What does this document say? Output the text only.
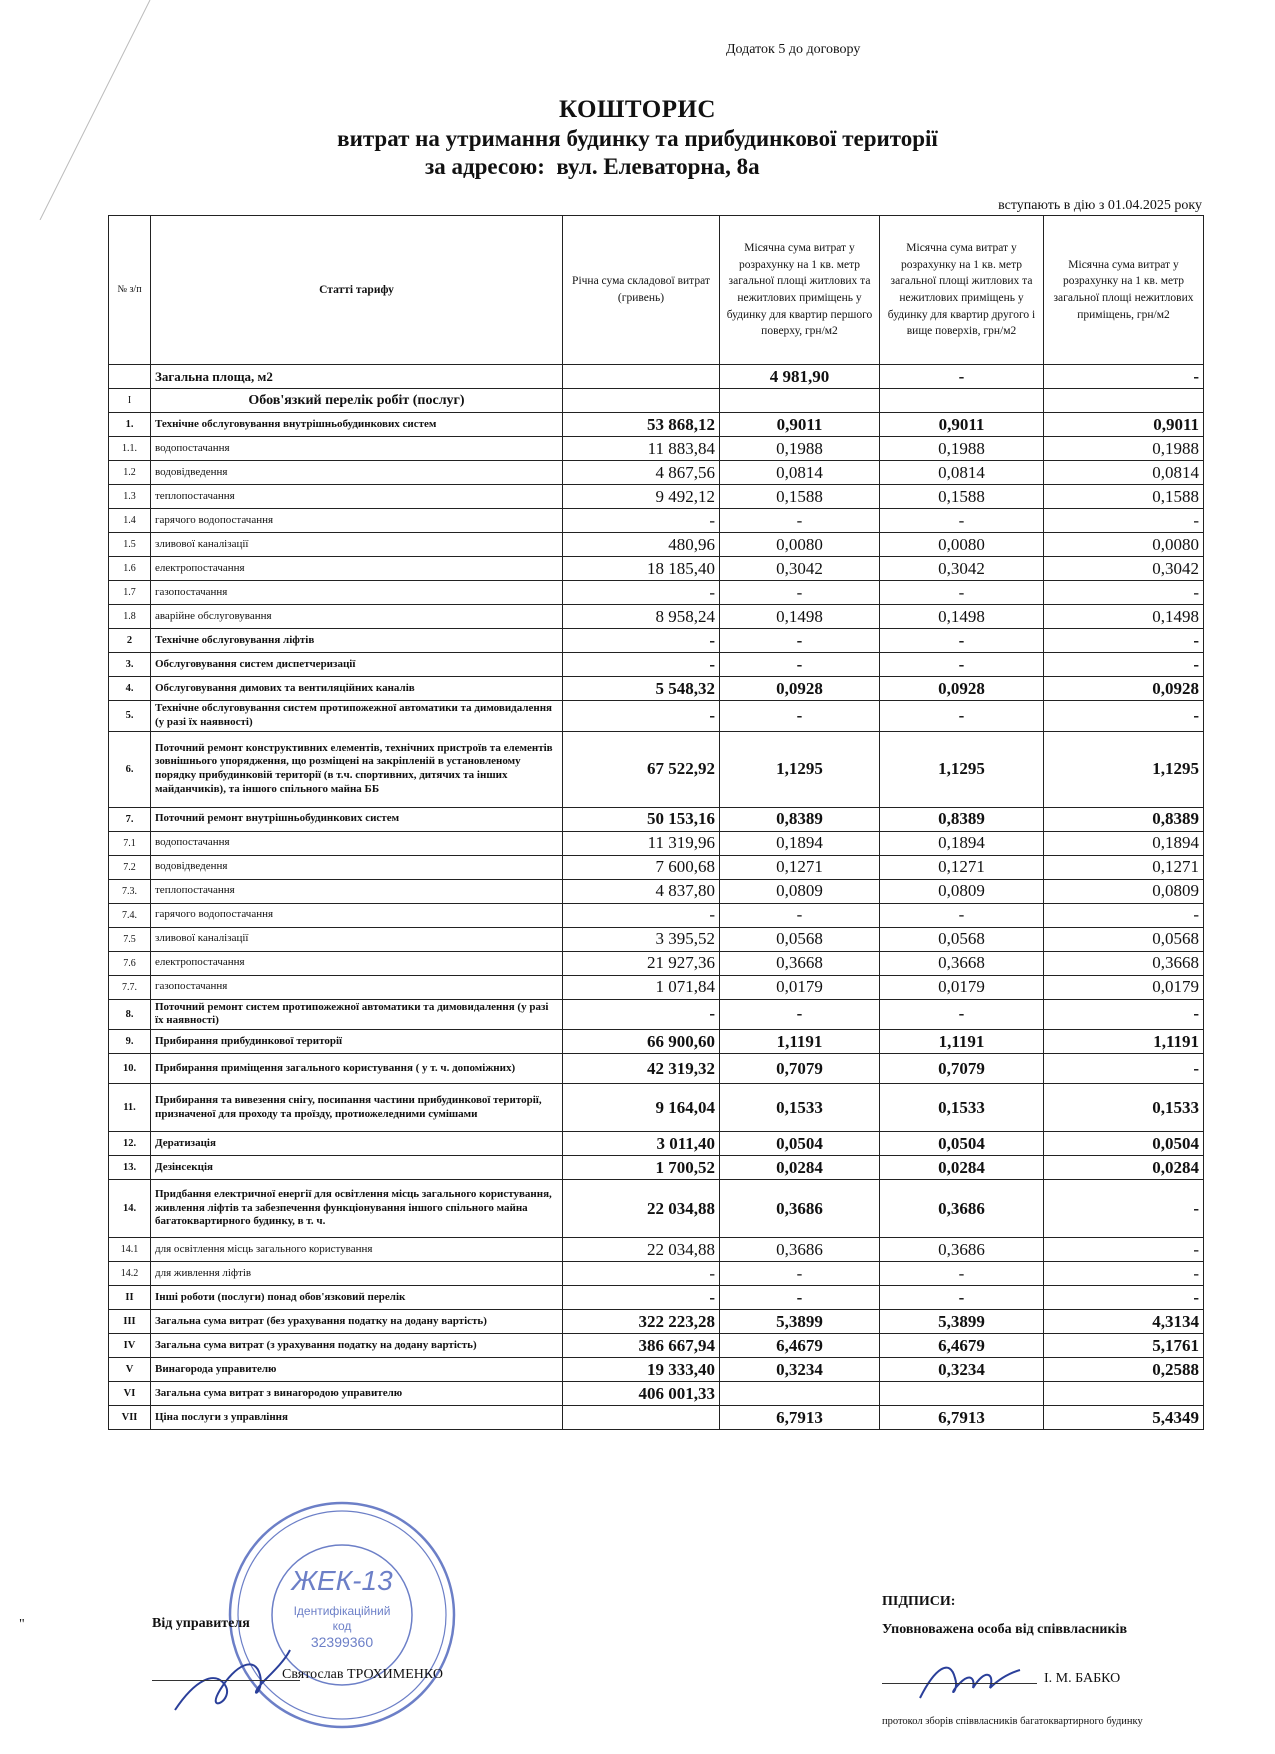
Додаток 5 до договору
КОШТОРИС
витрат на утримання будинку та прибудинкової території
за адресою:  вул. Елеваторна, 8а
вступають в дію з 01.04.2025 року
№ з/п	Статті тарифу	Річна сума складової витрат (гривень)	Місячна сума витрат у розрахунку на 1 кв. метр загальної площі житлових та нежитлових приміщень у будинку для квартир першого поверху, грн/м2	Місячна сума витрат у розрахунку на 1 кв. метр загальної площі житлових та нежитлових приміщень у будинку для квартир другого і вище поверхів, грн/м2	Місячна сума витрат у розрахунку на 1 кв. метр загальної площі нежитлових приміщень, грн/м2
	Загальна площа, м2		4 981,90	-	-
I	Обов'язкий перелік робіт (послуг)				
1.	Технічне обслуговування внутрішньобудинкових систем	53 868,12	0,9011	0,9011	0,9011
1.1.	водопостачання	11 883,84	0,1988	0,1988	0,1988
1.2	водовідведення	4 867,56	0,0814	0,0814	0,0814
1.3	теплопостачання	9 492,12	0,1588	0,1588	0,1588
1.4	гарячого водопостачання	-	-	-	-
1.5	зливової каналізації	480,96	0,0080	0,0080	0,0080
1.6	електропостачання	18 185,40	0,3042	0,3042	0,3042
1.7	газопостачання	-	-	-	-
1.8	аварійне обслуговування	8 958,24	0,1498	0,1498	0,1498
2	Технічне обслуговування ліфтів	-	-	-	-
3.	Обслуговування систем диспетчеризації	-	-	-	-
4.	Обслуговування димових та вентиляційних каналів	5 548,32	0,0928	0,0928	0,0928
5.	Технічне обслуговування систем протипожежної автоматики та димовидалення (у разі їх наявності)	-	-	-	-
6.	Поточний ремонт конструктивних елементів, технічних пристроїв та елементів зовнішнього упорядження, що розміщені на закріпленій в установленому порядку прибудинковій території (в т.ч. спортивних, дитячих та інших майданчиків), та іншого спільного майна ББ	67 522,92	1,1295	1,1295	1,1295
7.	Поточний ремонт внутрішньобудинкових систем	50 153,16	0,8389	0,8389	0,8389
7.1	водопостачання	11 319,96	0,1894	0,1894	0,1894
7.2	водовідведення	7 600,68	0,1271	0,1271	0,1271
7.3.	теплопостачання	4 837,80	0,0809	0,0809	0,0809
7.4.	гарячого водопостачання	-	-	-	-
7.5	зливової каналізації	3 395,52	0,0568	0,0568	0,0568
7.6	електропостачання	21 927,36	0,3668	0,3668	0,3668
7.7.	газопостачання	1 071,84	0,0179	0,0179	0,0179
8.	Поточний ремонт систем протипожежної автоматики та димовидалення (у разі їх наявності)	-	-	-	-
9.	Прибирання прибудинкової території	66 900,60	1,1191	1,1191	1,1191
10.	Прибирання приміщення загального користування ( у т. ч. допоміжних)	42 319,32	0,7079	0,7079	-
11.	Прибирання та вивезення снігу, посипання частини прибудинкової території, призначеної для проходу та проїзду, протиожеледними сумішами	9 164,04	0,1533	0,1533	0,1533
12.	Дератизація	3 011,40	0,0504	0,0504	0,0504
13.	Дезінсекція	1 700,52	0,0284	0,0284	0,0284
14.	Придбання електричної енергії для освітлення місць загального користування, живлення ліфтів та забезпечення функціонування іншого спільного майна багатоквартирного будинку, в т. ч.	22 034,88	0,3686	0,3686	-
14.1	для освітлення місць загального користування	22 034,88	0,3686	0,3686	-
14.2	для живлення ліфтів	-	-	-	-
II	Інші роботи (послуги) понад обов'язковий перелік	-	-	-	-
III	Загальна сума витрат (без урахування податку на додану вартість)	322 223,28	5,3899	5,3899	4,3134
IV	Загальна сума витрат (з урахування податку на додану вартість)	386 667,94	6,4679	6,4679	5,1761
V	Винагорода управителю	19 333,40	0,3234	0,3234	0,2588
VI	Загальна сума витрат з винагородою управителю	406 001,33			
VII	Ціна послуги з управління		6,7913	6,7913	5,4349
ЖЕК-13
Ідентифікаційний
код
32399360
Від управителя
Святослав ТРОХИМЕНКО
ПІДПИСИ:
Уповноважена особа від співвласників
І. М. БАБКО
протокол зборів співвласників багатоквартирного будинку
"
